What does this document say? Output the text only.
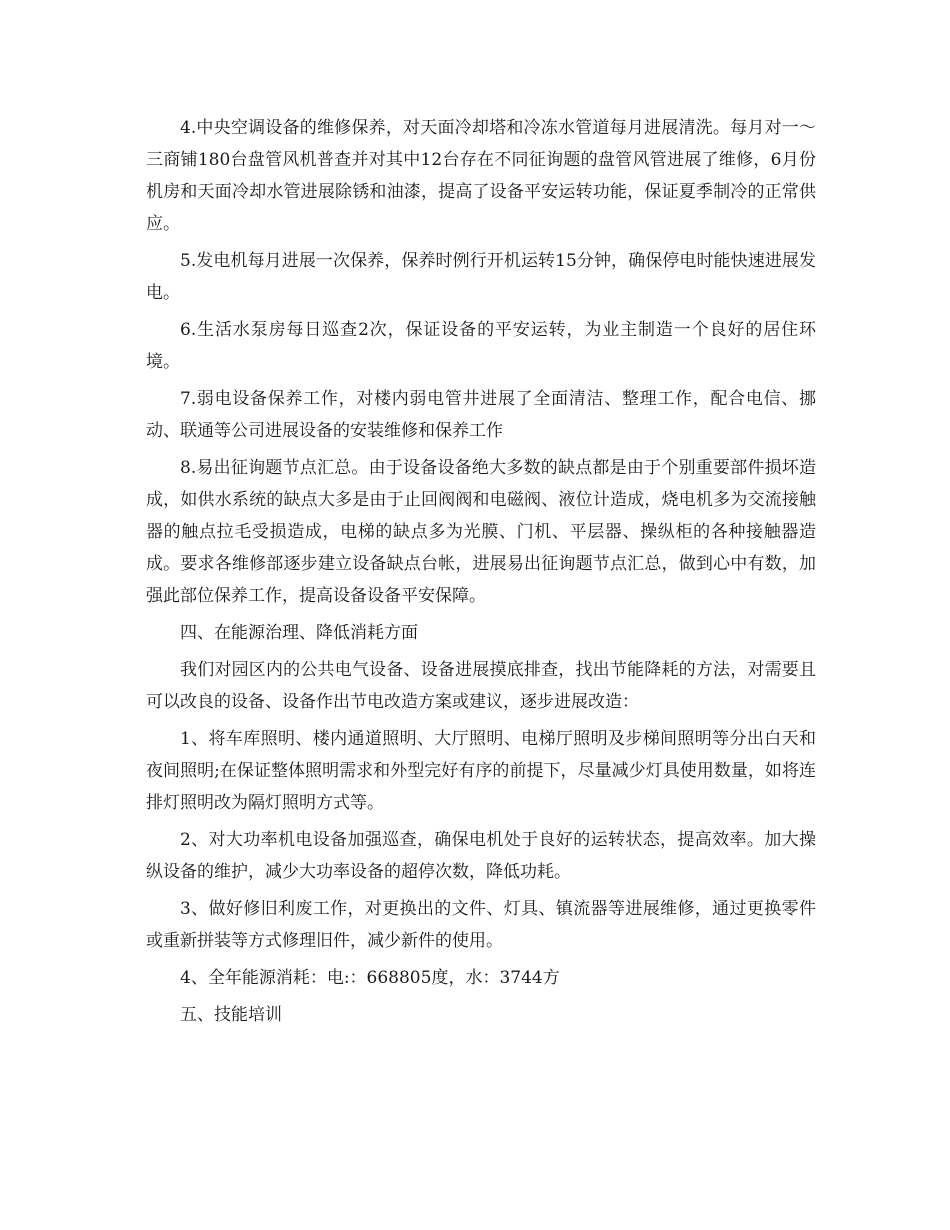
4.中央空调设备的维修保养，对天面冷却塔和冷冻水管道每月进展清洗。每月对一～三商铺180台盘管风机普查并对其中12台存在不同征询题的盘管风管进展了维修，6月份机房和天面冷却水管进展除锈和油漆，提高了设备平安运转功能，保证夏季制冷的正常供应。

5.发电机每月进展一次保养，保养时例行开机运转15分钟，确保停电时能快速进展发电。

6.生活水泵房每日巡查2次，保证设备的平安运转，为业主制造一个良好的居住环境。

7.弱电设备保养工作，对楼内弱电管井进展了全面清洁、整理工作，配合电信、挪动、联通等公司进展设备的安装维修和保养工作

8.易出征询题节点汇总。由于设备设备绝大多数的缺点都是由于个别重要部件损坏造成，如供水系统的缺点大多是由于止回阀阀和电磁阀、液位计造成，烧电机多为交流接触器的触点拉毛受损造成，电梯的缺点多为光膜、门机、平层器、操纵柜的各种接触器造成。要求各维修部逐步建立设备缺点台帐，进展易出征询题节点汇总，做到心中有数，加强此部位保养工作，提高设备设备平安保障。

四、在能源治理、降低消耗方面

我们对园区内的公共电气设备、设备进展摸底排查，找出节能降耗的方法，对需要且可以改良的设备、设备作出节电改造方案或建议，逐步进展改造：

1、将车库照明、楼内通道照明、大厅照明、电梯厅照明及步梯间照明等分出白天和夜间照明;在保证整体照明需求和外型完好有序的前提下，尽量减少灯具使用数量，如将连排灯照明改为隔灯照明方式等。

2、对大功率机电设备加强巡查，确保电机处于良好的运转状态，提高效率。加大操纵设备的维护，减少大功率设备的超停次数，降低功耗。

3、做好修旧利废工作，对更换出的文件、灯具、镇流器等进展维修，通过更换零件或重新拼装等方式修理旧件，减少新件的使用。

4、全年能源消耗：电:：668805度，水：3744方

五、技能培训
